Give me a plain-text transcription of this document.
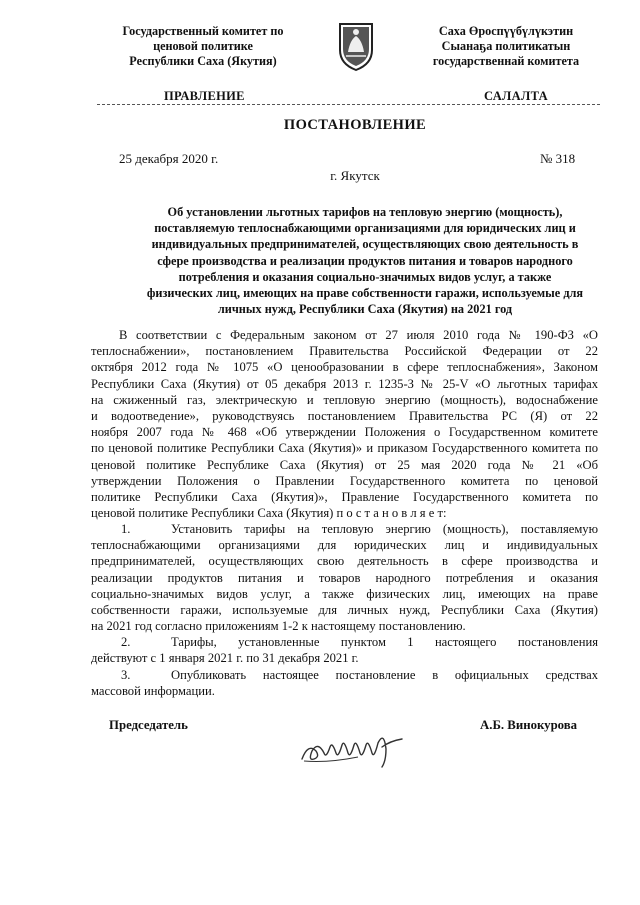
Государственный комитет по
ценовой политике
Республики Саха (Якутия)
Саха Өроспүүбүлүкэтин
Сыанаҕа политикатын
государственнай комитета
ПРАВЛЕНИЕ	САЛАЛТА
ПОСТАНОВЛЕНИЕ
25 декабря 2020 г.	№ 318
г. Якутск
Об установлении льготных тарифов на тепловую энергию (мощность),
поставляемую теплоснабжающими организациями для юридических лиц и
индивидуальных предпринимателей, осуществляющих свою деятельность в
сфере производства и реализации продуктов питания и товаров народного
потребления и оказания социально-значимых видов услуг, а также
физических лиц, имеющих на праве собственности гаражи, используемые для
личных нужд, Республики Саха (Якутия) на 2021 год
В соответствии с Федеральным законом от 27 июля 2010 года № 190-ФЗ «О
теплоснабжении», постановлением Правительства Российской Федерации от 22
октября 2012 года № 1075 «О ценообразовании в сфере теплоснабжения», Законом
Республики Саха (Якутия) от 05 декабря 2013 г. 1235-З № 25-V «О льготных тарифах
на сжиженный газ, электрическую и тепловую энергию (мощность), водоснабжение
и водоотведение», руководствуясь постановлением Правительства РС (Я) от 22
ноября 2007 года № 468 «Об утверждении Положения о Государственном комитете
по ценовой политике Республики Саха (Якутия)» и приказом Государственного комитета по
ценовой политике Республике Саха (Якутия) от 25 мая 2020 года № 21 «Об
утверждении Положения о Правлении Государственного комитета по ценовой
политике Республики Саха (Якутия)», Правление Государственного комитета по
ценовой политике Республики Саха (Якутия) п о с т а н о в л я е т:
1.	Установить тарифы на тепловую энергию (мощность), поставляемую
теплоснабжающими организациями для юридических лиц и индивидуальных
предпринимателей, осуществляющих свою деятельность в сфере производства и
реализации продуктов питания и товаров народного потребления и оказания
социально-значимых видов услуг, а также физических лиц, имеющих на праве
собственности гаражи, используемые для личных нужд, Республики Саха (Якутия)
на 2021 год согласно приложениям 1-2 к настоящему постановлению.
2.	Тарифы, установленные пунктом 1 настоящего постановления
действуют с 1 января 2021 г. по 31 декабря 2021 г.
3.	Опубликовать настоящее постановление в официальных средствах
массовой информации.
Председатель	А.Б. Винокурова
